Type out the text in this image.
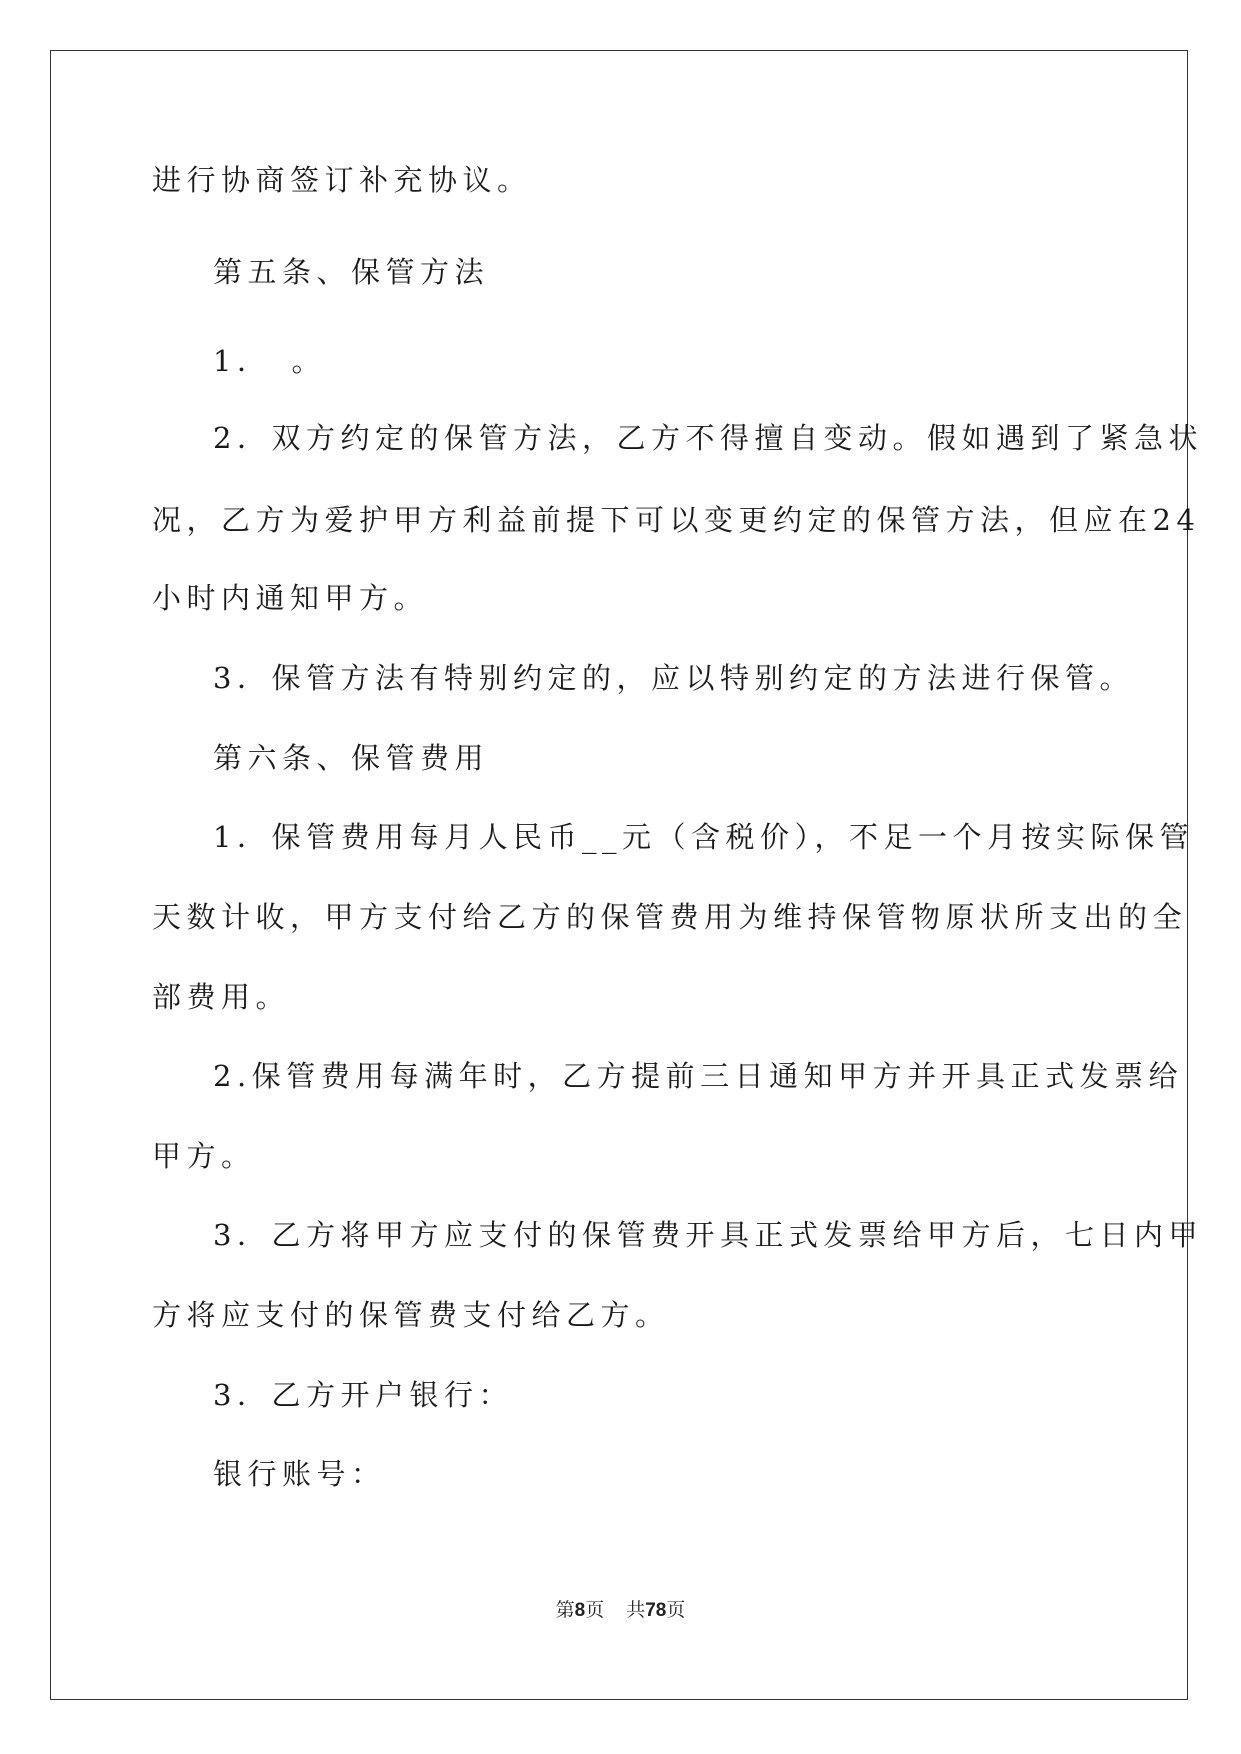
进行协商签订补充协议。
第五条、保管方法
1．　。
2．双方约定的保管方法，乙方不得擅自变动。假如遇到了紧急状
况，乙方为爱护甲方利益前提下可以变更约定的保管方法，但应在24
小时内通知甲方。
3．保管方法有特别约定的，应以特别约定的方法进行保管。
第六条、保管费用
1．保管费用每月人民币__元（含税价），不足一个月按实际保管
天数计收，甲方支付给乙方的保管费用为维持保管物原状所支出的全
部费用。
2.保管费用每满年时，乙方提前三日通知甲方并开具正式发票给
甲方。
3．乙方将甲方应支付的保管费开具正式发票给甲方后，七日内甲
方将应支付的保管费支付给乙方。
3．乙方开户银行：
银行账号：
第8页 共78页
